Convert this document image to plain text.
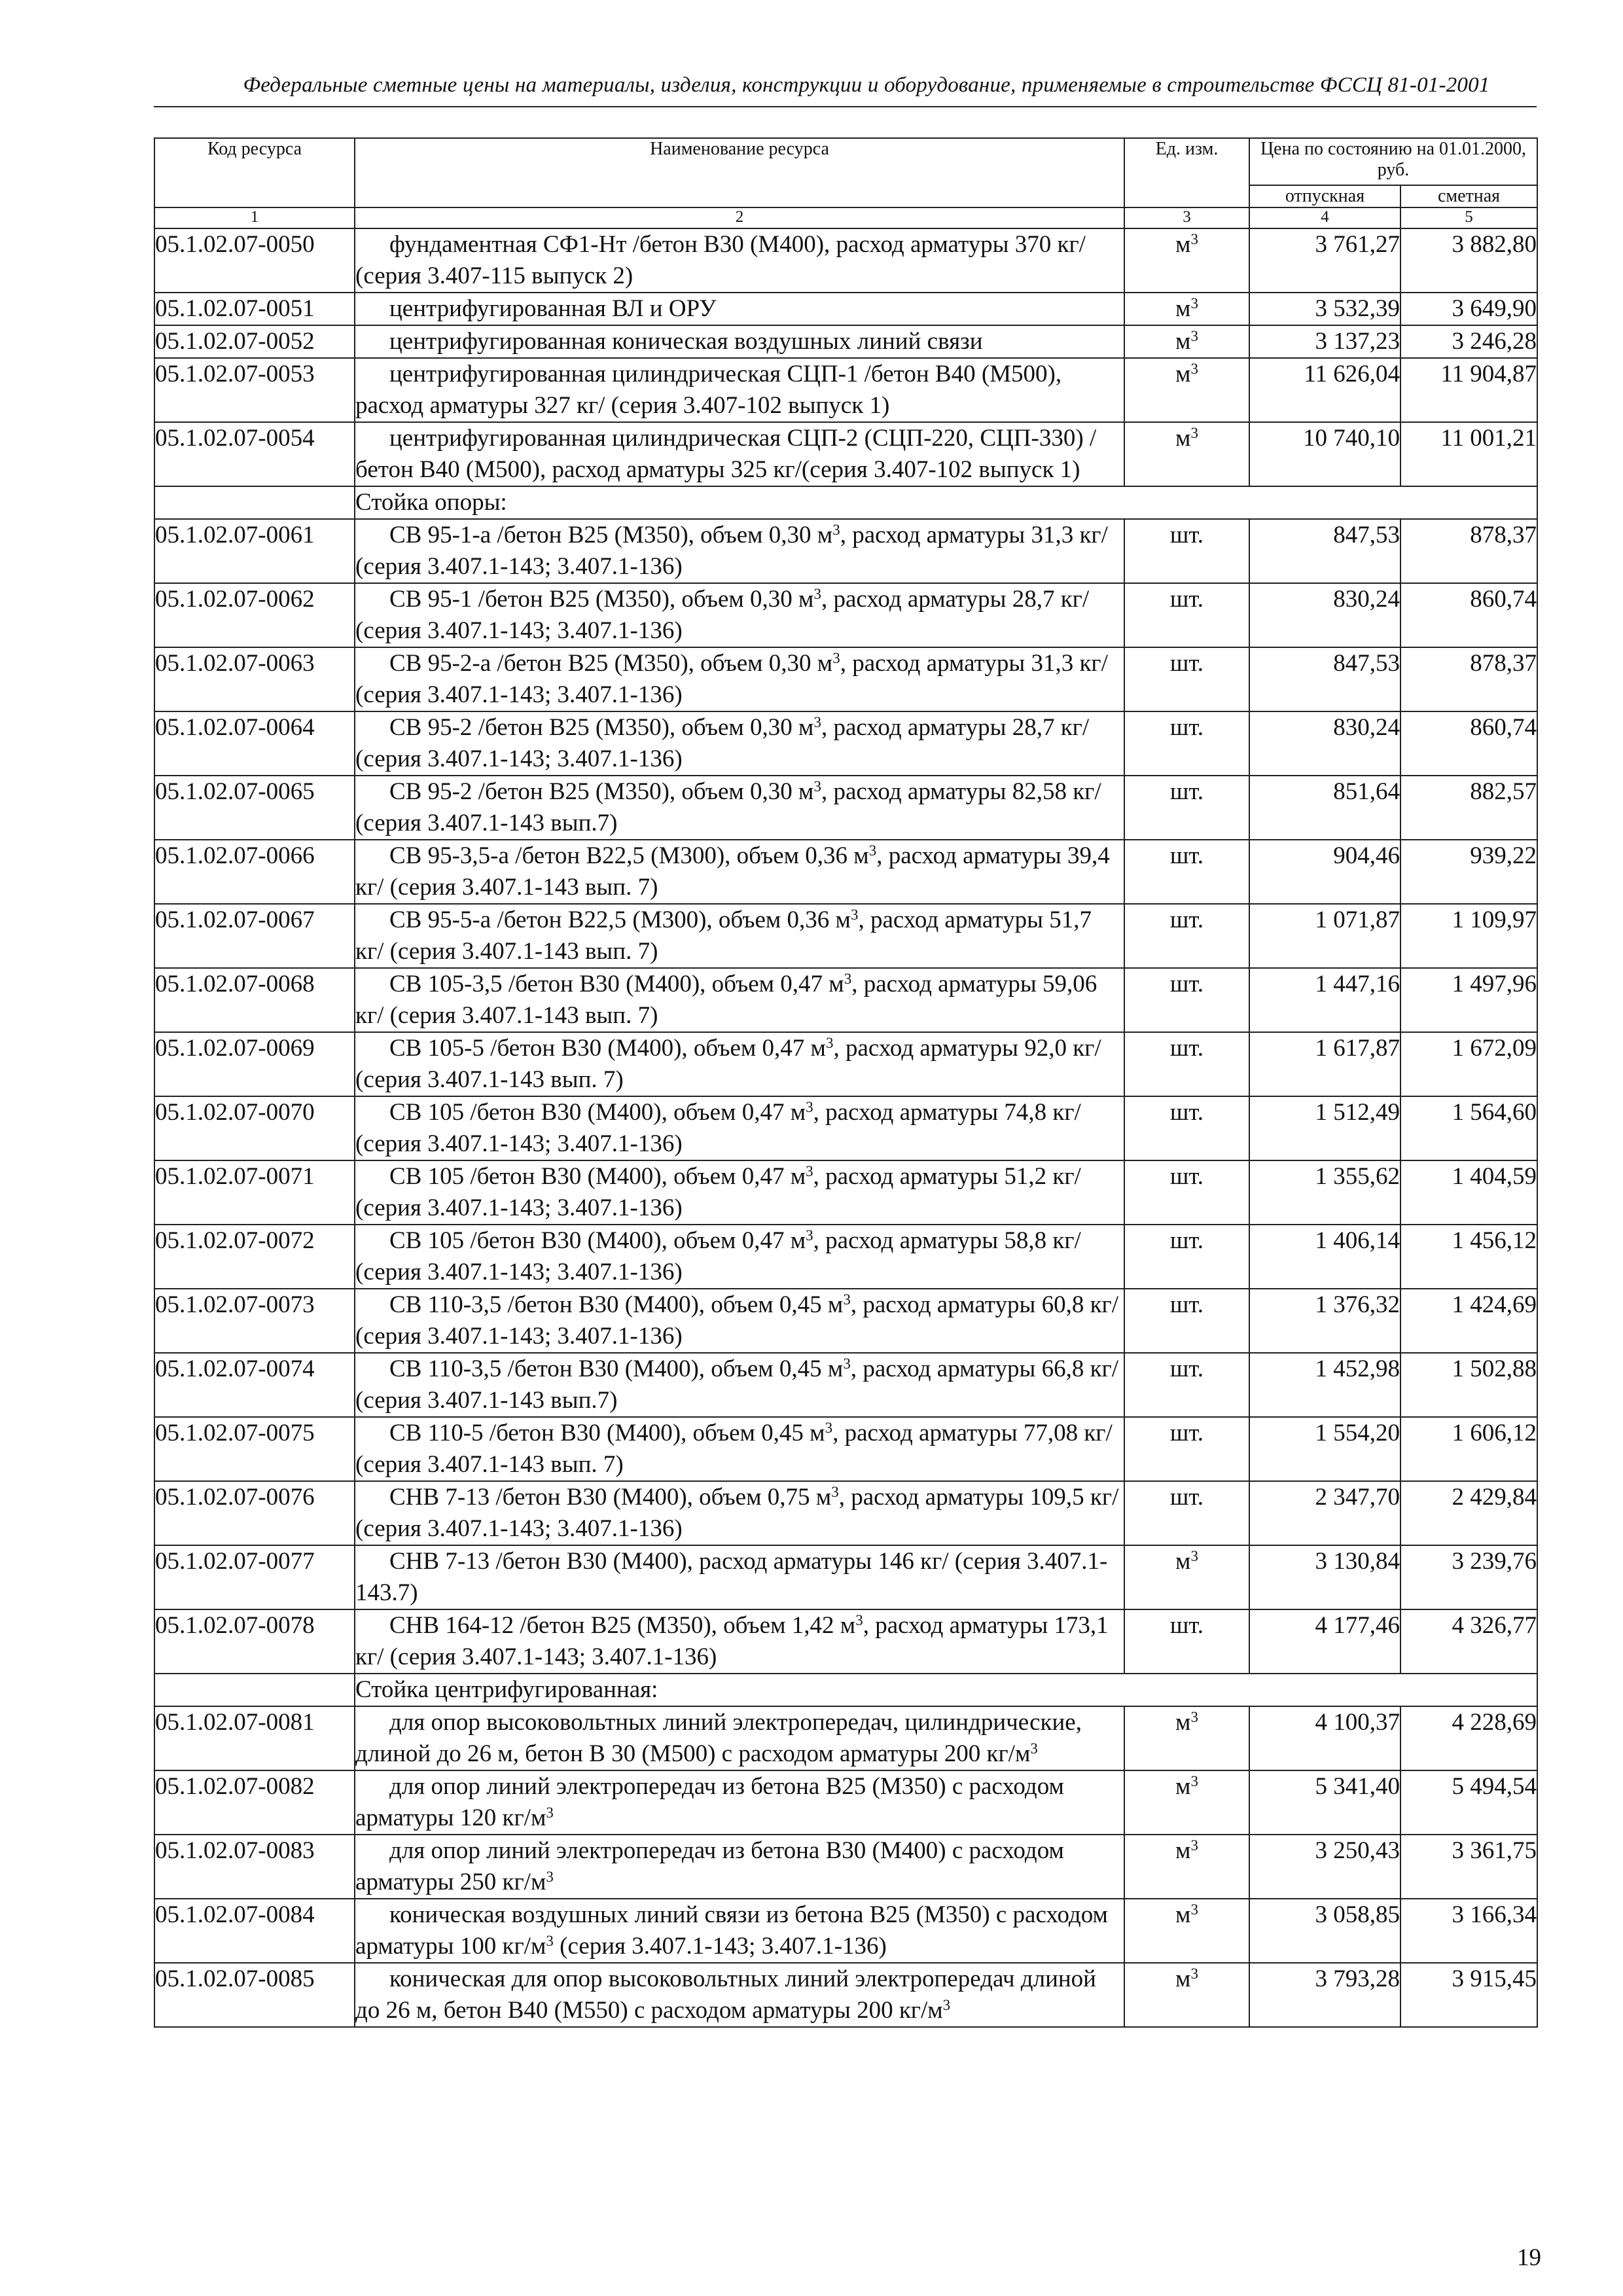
Федеральные сметные цены на материалы, изделия, конструкции и оборудование, применяемые в строительстве ФССЦ 81-01-2001
Код ресурса	Наименование ресурса	Ед. изм.	Цена по состоянию на 01.01.2000, руб.	
			отпускная	сметная
1	2	3	4	5
05.1.02.07-0050	фундаментная СФ1-Нт /бетон В30 (М400), расход арматуры 370 кг/ (серия 3.407-115 выпуск 2)	$м^3$	3 761,27	3 882,80
05.1.02.07-0051	центрифугированная ВЛ и ОРУ	$м^3$	3 532,39	3 649,90
05.1.02.07-0052	центрифугированная коническая воздушных линий связи	$м^3$	3 137,23	3 246,28
05.1.02.07-0053	центрифугированная цилиндрическая СЦП-1 /бетон В40 (М500), расход арматуры 327 кг/ (серия 3.407-102 выпуск 1)	$м^3$	11 626,04	11 904,87
05.1.02.07-0054	центрифугированная цилиндрическая СЦП-2 (СЦП-220, СЦП-330) /бетон В40 (М500), расход арматуры 325 кг/(серия 3.407-102 выпуск 1)	$м^3$	10 740,10	11 001,21
	Стойка опоры:			
05.1.02.07-0061	СВ 95-1-а /бетон В25 (М350), объем 0,30 $м^3$, расход арматуры 31,3 кг/ (серия 3.407.1-143; 3.407.1-136)	шт.	847,53	878,37
05.1.02.07-0062	СВ 95-1 /бетон В25 (М350), объем 0,30 $м^3$, расход арматуры 28,7 кг/ (серия 3.407.1-143; 3.407.1-136)	шт.	830,24	860,74
05.1.02.07-0063	СВ 95-2-а /бетон В25 (М350), объем 0,30 $м^3$, расход арматуры 31,3 кг/ (серия 3.407.1-143; 3.407.1-136)	шт.	847,53	878,37
05.1.02.07-0064	СВ 95-2 /бетон В25 (М350), объем 0,30 $м^3$, расход арматуры 28,7 кг/ (серия 3.407.1-143; 3.407.1-136)	шт.	830,24	860,74
05.1.02.07-0065	СВ 95-2 /бетон В25 (М350), объем 0,30 $м^3$, расход арматуры 82,58 кг/ (серия 3.407.1-143 вып.7)	шт.	851,64	882,57
05.1.02.07-0066	СВ 95-3,5-а /бетон В22,5 (М300), объем 0,36 $м^3$, расход арматуры 39,4 кг/ (серия 3.407.1-143 вып. 7)	шт.	904,46	939,22
05.1.02.07-0067	СВ 95-5-а /бетон В22,5 (М300), объем 0,36 $м^3$, расход арматуры 51,7 кг/ (серия 3.407.1-143 вып. 7)	шт.	1 071,87	1 109,97
05.1.02.07-0068	СВ 105-3,5 /бетон В30 (М400), объем 0,47 $м^3$, расход арматуры 59,06 кг/ (серия 3.407.1-143 вып. 7)	шт.	1 447,16	1 497,96
05.1.02.07-0069	СВ 105-5 /бетон В30 (М400), объем 0,47 $м^3$, расход арматуры 92,0 кг/ (серия 3.407.1-143 вып. 7)	шт.	1 617,87	1 672,09
05.1.02.07-0070	СВ 105 /бетон В30 (М400), объем 0,47 $м^3$, расход арматуры 74,8 кг/ (серия 3.407.1-143; 3.407.1-136)	шт.	1 512,49	1 564,60
05.1.02.07-0071	СВ 105 /бетон В30 (М400), объем 0,47 $м^3$, расход арматуры 51,2 кг/ (серия 3.407.1-143; 3.407.1-136)	шт.	1 355,62	1 404,59
05.1.02.07-0072	СВ 105 /бетон В30 (М400), объем 0,47 $м^3$, расход арматуры 58,8 кг/ (серия 3.407.1-143; 3.407.1-136)	шт.	1 406,14	1 456,12
05.1.02.07-0073	СВ 110-3,5 /бетон В30 (М400), объем 0,45 $м^3$, расход арматуры 60,8 кг/ (серия 3.407.1-143; 3.407.1-136)	шт.	1 376,32	1 424,69
05.1.02.07-0074	СВ 110-3,5 /бетон В30 (М400), объем 0,45 $м^3$, расход арматуры 66,8 кг/ (серия 3.407.1-143 вып.7)	шт.	1 452,98	1 502,88
05.1.02.07-0075	СВ 110-5 /бетон В30 (М400), объем 0,45 $м^3$, расход арматуры 77,08 кг/ (серия 3.407.1-143 вып. 7)	шт.	1 554,20	1 606,12
05.1.02.07-0076	СНВ 7-13 /бетон В30 (М400), объем 0,75 $м^3$, расход арматуры 109,5 кг/ (серия 3.407.1-143; 3.407.1-136)	шт.	2 347,70	2 429,84
05.1.02.07-0077	СНВ 7-13 /бетон В30 (М400), расход арматуры 146 кг/ (серия 3.407.1-143.7)	$м^3$	3 130,84	3 239,76
05.1.02.07-0078	СНВ 164-12 /бетон В25 (М350), объем 1,42 $м^3$, расход арматуры 173,1 кг/ (серия 3.407.1-143; 3.407.1-136)	шт.	4 177,46	4 326,77
	Стойка центрифугированная:			
05.1.02.07-0081	для опор высоковольтных линий электропередач, цилиндрические, длиной до 26 м, бетон В 30 (М500) с расходом арматуры 200 $кг/м^3$	$м^3$	4 100,37	4 228,69
05.1.02.07-0082	для опор линий электропередач из бетона В25 (М350) с расходом арматуры 120 $кг/м^3$	$м^3$	5 341,40	5 494,54
05.1.02.07-0083	для опор линий электропередач из бетона В30 (М400) с расходом арматуры 250 $кг/м^3$	$м^3$	3 250,43	3 361,75
05.1.02.07-0084	коническая воздушных линий связи из бетона В25 (М350) с расходом арматуры 100 $кг/м^3$ (серия 3.407.1-143; 3.407.1-136)	$м^3$	3 058,85	3 166,34
05.1.02.07-0085	коническая для опор высоковольтных линий электропередач длиной до 26 м, бетон В40 (М550) с расходом арматуры 200 $кг/м^3$	$м^3$	3 793,28	3 915,45
19
